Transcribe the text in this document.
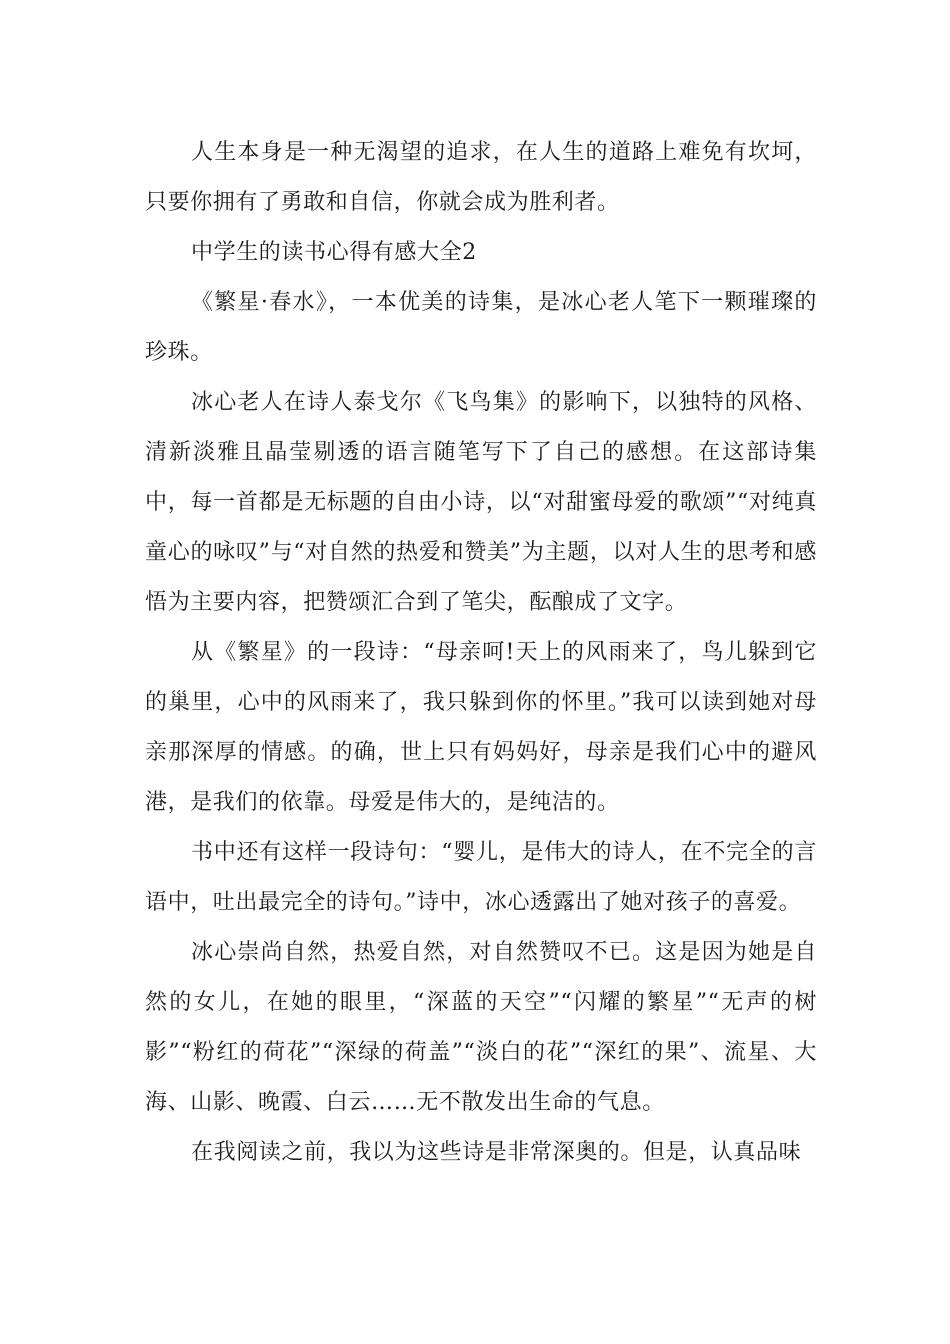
人生本身是一种无渴望的追求，在人生的道路上难免有坎坷，只要你拥有了勇敢和自信，你就会成为胜利者。

中学生的读书心得有感大全2

《繁星·春水》，一本优美的诗集，是冰心老人笔下一颗璀璨的珍珠。

冰心老人在诗人泰戈尔《飞鸟集》的影响下，以独特的风格、清新淡雅且晶莹剔透的语言随笔写下了自己的感想。在这部诗集中，每一首都是无标题的自由小诗，以“对甜蜜母爱的歌颂”“对纯真童心的咏叹”与“对自然的热爱和赞美”为主题，以对人生的思考和感悟为主要内容，把赞颂汇合到了笔尖，酝酿成了文字。

从《繁星》的一段诗：“母亲呵!天上的风雨来了，鸟儿躲到它的巢里，心中的风雨来了，我只躲到你的怀里。”我可以读到她对母亲那深厚的情感。的确，世上只有妈妈好，母亲是我们心中的避风港，是我们的依靠。母爱是伟大的，是纯洁的。

书中还有这样一段诗句：“婴儿，是伟大的诗人，在不完全的言语中，吐出最完全的诗句。”诗中，冰心透露出了她对孩子的喜爱。

冰心崇尚自然，热爱自然，对自然赞叹不已。这是因为她是自然的女儿，在她的眼里，“深蓝的天空”“闪耀的繁星”“无声的树影”“粉红的荷花”“深绿的荷盖”“淡白的花”“深红的果”、流星、大海、山影、晚霞、白云……无不散发出生命的气息。

在我阅读之前，我以为这些诗是非常深奥的。但是，认真品味
